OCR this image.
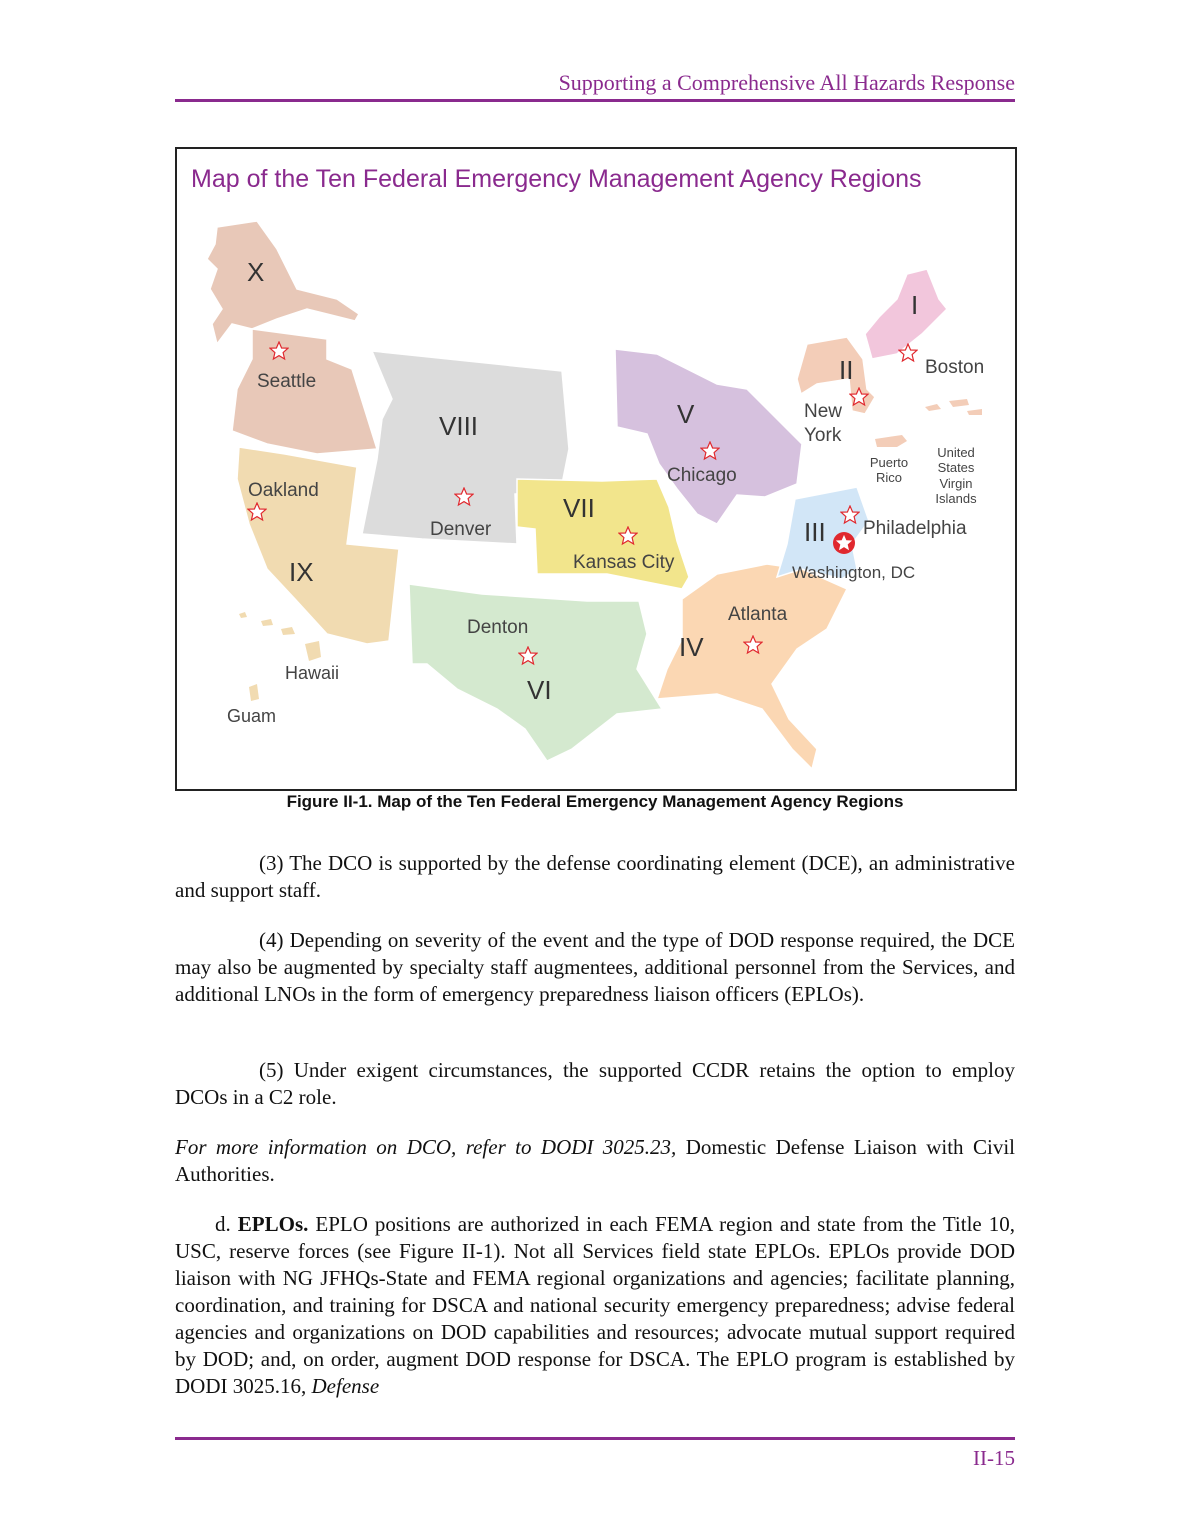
Supporting a Comprehensive All Hazards Response
Map of the Ten Federal Emergency Management Agency Regions
X
VIII
IX
VII
VI
V
IV
III
II
I
Seattle
Oakland
Denver
Kansas City
Chicago
New
York
Boston
Philadelphia
Washington, DC
Atlanta
Denton
Hawaii
Guam
Puerto
Rico
United
States
Virgin
Islands
Figure II-1. Map of the Ten Federal Emergency Management Agency Regions

(3) The DCO is supported by the defense coordinating element (DCE), an administrative and support staff.

(4) Depending on severity of the event and the type of DOD response required, the DCE may also be augmented by specialty staff augmentees, additional personnel from the Services, and additional LNOs in the form of emergency preparedness liaison officers (EPLOs).

(5) Under exigent circumstances, the supported CCDR retains the option to employ DCOs in a C2 role.

For more information on DCO, refer to DODI 3025.23, Domestic Defense Liaison with Civil Authorities.

d. EPLOs. EPLO positions are authorized in each FEMA region and state from the Title 10, USC, reserve forces (see Figure II-1). Not all Services field state EPLOs. EPLOs provide DOD liaison with NG JFHQs-State and FEMA regional organizations and agencies; facilitate planning, coordination, and training for DSCA and national security emergency preparedness; advise federal agencies and organizations on DOD capabilities and resources; advocate mutual support required by DOD; and, on order, augment DOD response for DSCA. The EPLO program is established by DODI 3025.16, Defense

II-15
